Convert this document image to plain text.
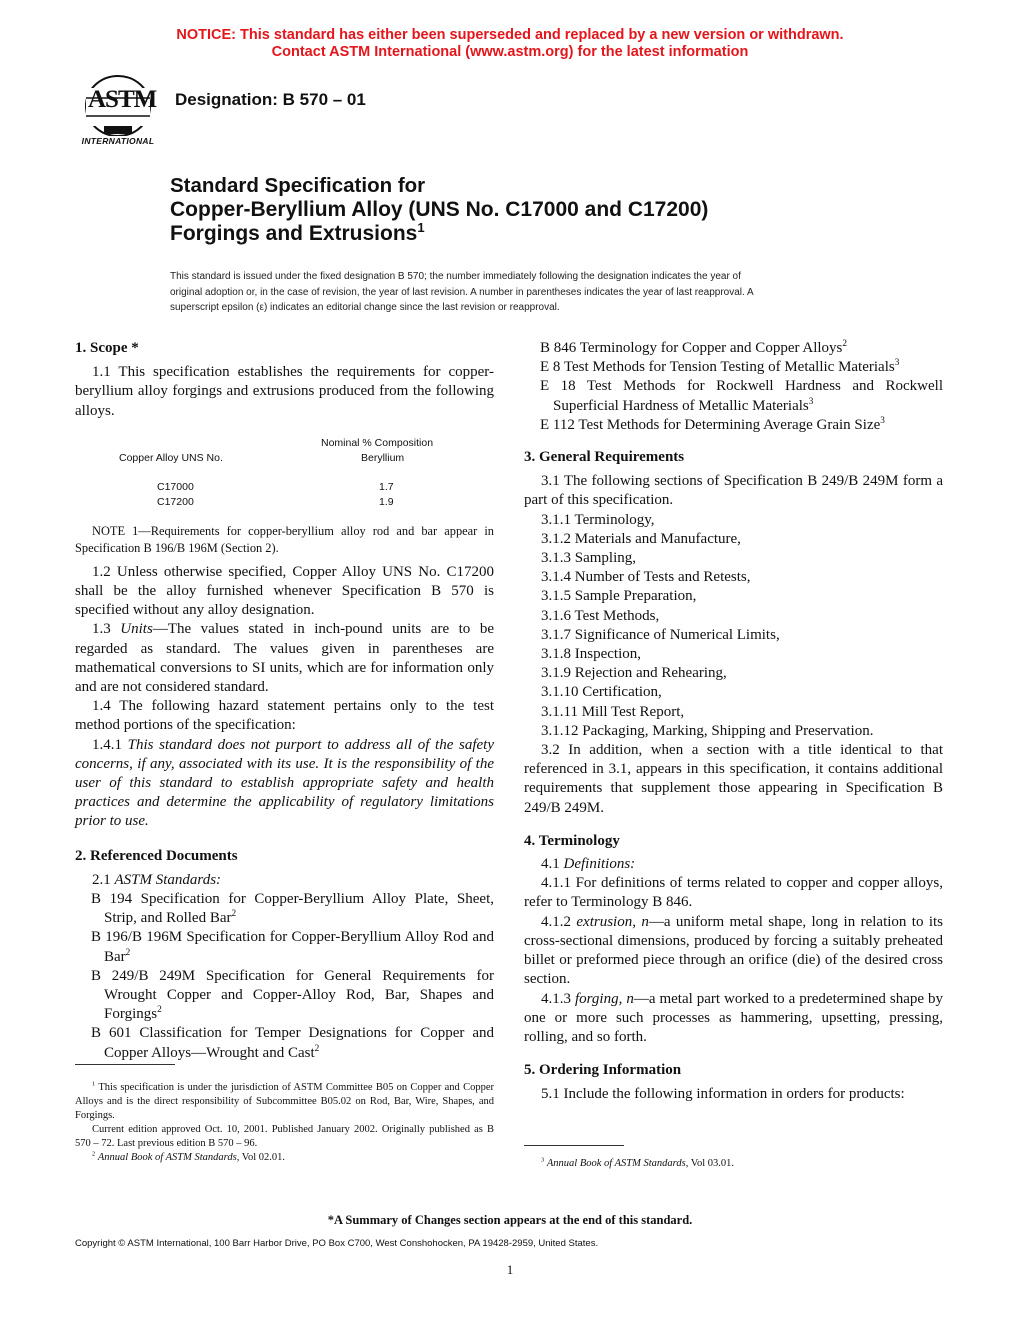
NOTICE: This standard has either been superseded and replaced by a new version or withdrawn.
Contact ASTM International (www.astm.org) for the latest information
ASTM
INTERNATIONAL
Designation: B 570 – 01
Standard Specification for
Copper-Beryllium Alloy (UNS No. C17000 and C17200)
Forgings and Extrusions$^1$
This standard is issued under the fixed designation B 570; the number immediately following the designation indicates the year of
original adoption or, in the case of revision, the year of last revision. A number in parentheses indicates the year of last reapproval. A
superscript epsilon (ε) indicates an editorial change since the last revision or reapproval.

1. Scope *

1.1 This specification establishes the requirements for copper-beryllium alloy forgings and extrusions produced from the following alloys.

Nominal % Composition
Copper Alloy UNS No.	Beryllium
C17000	1.7
C17200	1.9

NOTE 1—Requirements for copper-beryllium alloy rod and bar appear in Specification B 196/B 196M (Section 2).

1.2 Unless otherwise specified, Copper Alloy UNS No. C17200 shall be the alloy furnished whenever Specification B 570 is specified without any alloy designation.

1.3 Units—The values stated in inch-pound units are to be regarded as standard. The values given in parentheses are mathematical conversions to SI units, which are for information only and are not considered standard.

1.4 The following hazard statement pertains only to the test method portions of the specification:

1.4.1 This standard does not purport to address all of the safety concerns, if any, associated with its use. It is the responsibility of the user of this standard to establish appropriate safety and health practices and determine the applicability of regulatory limitations prior to use.

2. Referenced Documents

2.1 ASTM Standards:

B 194 Specification for Copper-Beryllium Alloy Plate, Sheet, Strip, and Rolled Bar$^2$

B 196/B 196M Specification for Copper-Beryllium Alloy Rod and Bar$^2$

B 249/B 249M Specification for General Requirements for Wrought Copper and Copper-Alloy Rod, Bar, Shapes and Forgings$^2$

B 601 Classification for Temper Designations for Copper and Copper Alloys—Wrought and Cast$^2$

$^1$ This specification is under the jurisdiction of ASTM Committee B05 on Copper and Copper Alloys and is the direct responsibility of Subcommittee B05.02 on Rod, Bar, Wire, Shapes, and Forgings.

Current edition approved Oct. 10, 2001. Published January 2002. Originally published as B 570 – 72. Last previous edition B 570 – 96.

$^2$ Annual Book of ASTM Standards, Vol 02.01.

B 846 Terminology for Copper and Copper Alloys$^2$

E 8 Test Methods for Tension Testing of Metallic Materials$^3$

E 18 Test Methods for Rockwell Hardness and Rockwell Superficial Hardness of Metallic Materials$^3$

E 112 Test Methods for Determining Average Grain Size$^3$

3. General Requirements

3.1 The following sections of Specification B 249/B 249M form a part of this specification.

3.1.1 Terminology,

3.1.2 Materials and Manufacture,

3.1.3 Sampling,

3.1.4 Number of Tests and Retests,

3.1.5 Sample Preparation,

3.1.6 Test Methods,

3.1.7 Significance of Numerical Limits,

3.1.8 Inspection,

3.1.9 Rejection and Rehearing,

3.1.10 Certification,

3.1.11 Mill Test Report,

3.1.12 Packaging, Marking, Shipping and Preservation.

3.2 In addition, when a section with a title identical to that referenced in 3.1, appears in this specification, it contains additional requirements that supplement those appearing in Specification B 249/B 249M.

4. Terminology

4.1 Definitions:

4.1.1 For definitions of terms related to copper and copper alloys, refer to Terminology B 846.

4.1.2 extrusion, n—a uniform metal shape, long in relation to its cross-sectional dimensions, produced by forcing a suitably preheated billet or preformed piece through an orifice (die) of the desired cross section.

4.1.3 forging, n—a metal part worked to a predetermined shape by one or more such processes as hammering, upsetting, pressing, rolling, and so forth.

5. Ordering Information

5.1 Include the following information in orders for products:

$^3$ Annual Book of ASTM Standards, Vol 03.01.

*A Summary of Changes section appears at the end of this standard.
Copyright © ASTM International, 100 Barr Harbor Drive, PO Box C700, West Conshohocken, PA 19428-2959, United States.
1
